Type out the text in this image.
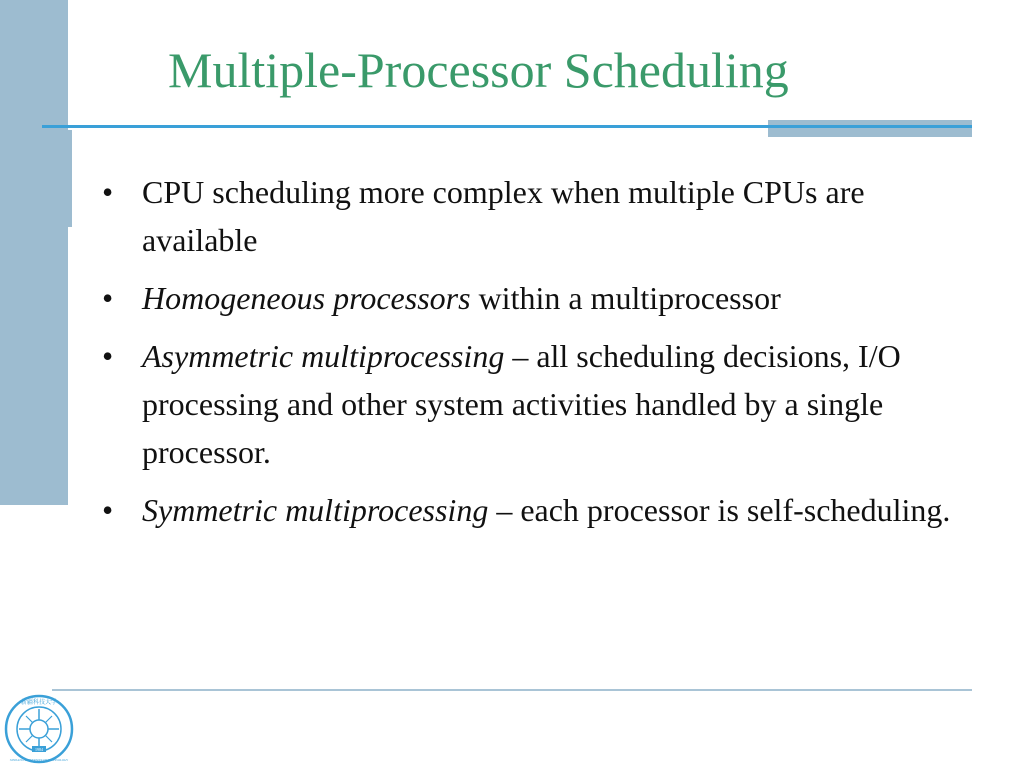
Multiple-Processor Scheduling
• CPU scheduling more complex when multiple CPUs are available
• Homogeneous processors within a multiprocessor
• Asymmetric multiprocessing – all scheduling decisions, I/O processing and other system activities handled by a single processor.
• Symmetric multiprocessing – each processor is self-scheduling.
新疆科技大学
XINJIANG UNIVERSITY OF TECHNOLOGY
1984
